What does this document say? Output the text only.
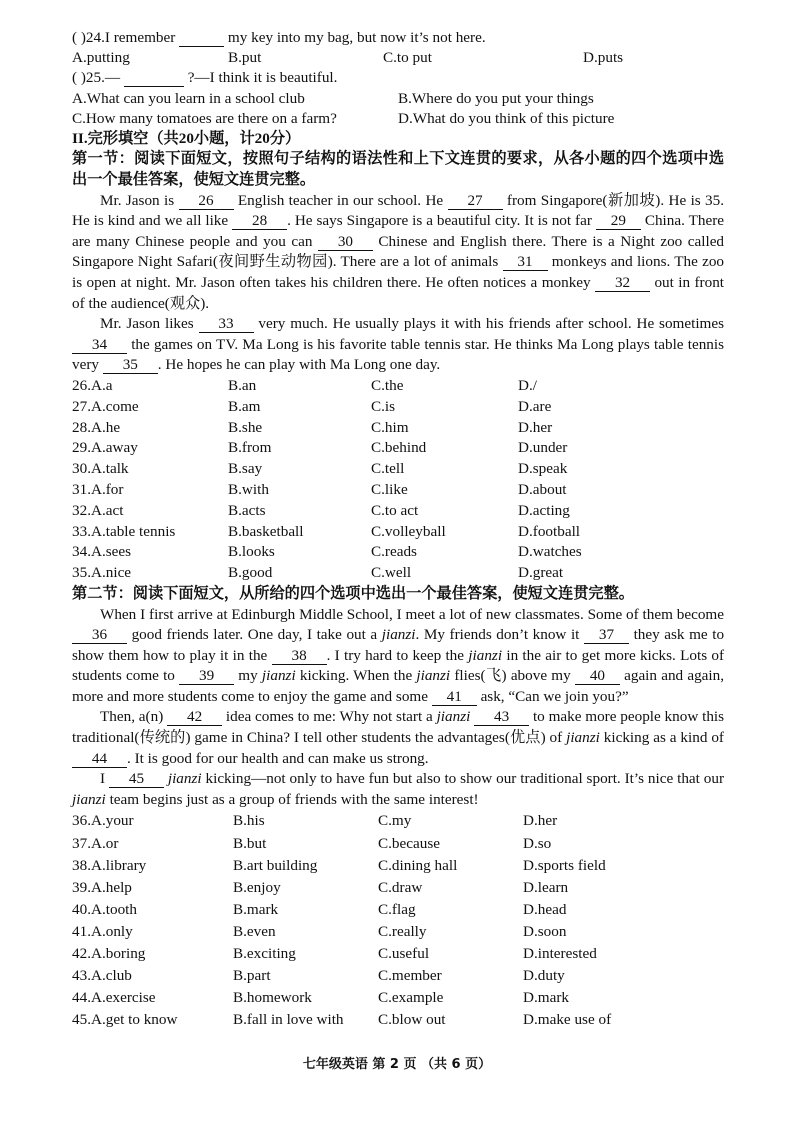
( )24.I remember	my key into my bag, but now it’s not here.
A.putting	B.put	C.to put	D.puts
( )25.—	?—I think it is beautiful.
A.What can you learn in a school club	B.Where do you put your things
C.How many tomatoes are there on a farm?	D.What do you think of this picture
II.完形填空（共20小题，计20分）

第一节：阅读下面短文，按照句子结构的语法性和上下文连贯的要求，从各小题的四个选项中选出一个最佳答案，使短文连贯完整。

Mr. Jason is 26 English teacher in our school. He 27 from Singapore(新加坡). He is 35. He is kind and we all like 28 . He says Singapore is a beautiful city. It is not far 29 China. There are many Chinese people and you can 30 Chinese and English there. There is a Night zoo called Singapore Night Safari(夜间野生动物园). There are a lot of animals 31 monkeys and lions. The zoo is open at night. Mr. Jason often takes his children there. He often notices a monkey 32 out in front of the audience(观众).

Mr. Jason likes 33 very much. He usually plays it with his friends after school. He sometimes 34 the games on TV. Ma Long is his favorite table tennis star. He thinks Ma Long plays table tennis very 35 . He hopes he can play with Ma Long one day.

26.A.a	B.an	C.the	D./
27.A.come	B.am	C.is	D.are
28.A.he	B.she	C.him	D.her
29.A.away	B.from	C.behind	D.under
30.A.talk	B.say	C.tell	D.speak
31.A.for	B.with	C.like	D.about
32.A.act	B.acts	C.to act	D.acting
33.A.table tennis	B.basketball	C.volleyball	D.football
34.A.sees	B.looks	C.reads	D.watches
35.A.nice	B.good	C.well	D.great

第二节：阅读下面短文，从所给的四个选项中选出一个最佳答案，使短文连贯完整。

When I first arrive at Edinburgh Middle School, I meet a lot of new classmates. Some of them become 36 good friends later. One day, I take out a jianzi. My friends don’t know it 37 they ask me to show them how to play it in the 38 . I try hard to keep the jianzi in the air to get more kicks. Lots of students come to 39 my jianzi kicking. When the jianzi flies(飞) above my 40 again and again, more and more students come to enjoy the game and some 41 ask, “Can we join you?”

Then, a(n) 42 idea comes to me: Why not start a jianzi 43 to make more people know this traditional(传统的) game in China? I tell other students the advantages(优点) of jianzi kicking as a kind of 44 . It is good for our health and can make us strong.

I 45 jianzi kicking—not only to have fun but also to show our traditional sport. It’s nice that our jianzi team begins just as a group of friends with the same interest!

36.A.your	B.his	C.my	D.her
37.A.or	B.but	C.because	D.so
38.A.library	B.art building	C.dining hall	D.sports field
39.A.help	B.enjoy	C.draw	D.learn
40.A.tooth	B.mark	C.flag	D.head
41.A.only	B.even	C.really	D.soon
42.A.boring	B.exciting	C.useful	D.interested
43.A.club	B.part	C.member	D.duty
44.A.exercise	B.homework	C.example	D.mark
45.A.get to know	B.fall in love with	C.blow out	D.make use of
七年级英语 第 2 页 （共 6 页）
